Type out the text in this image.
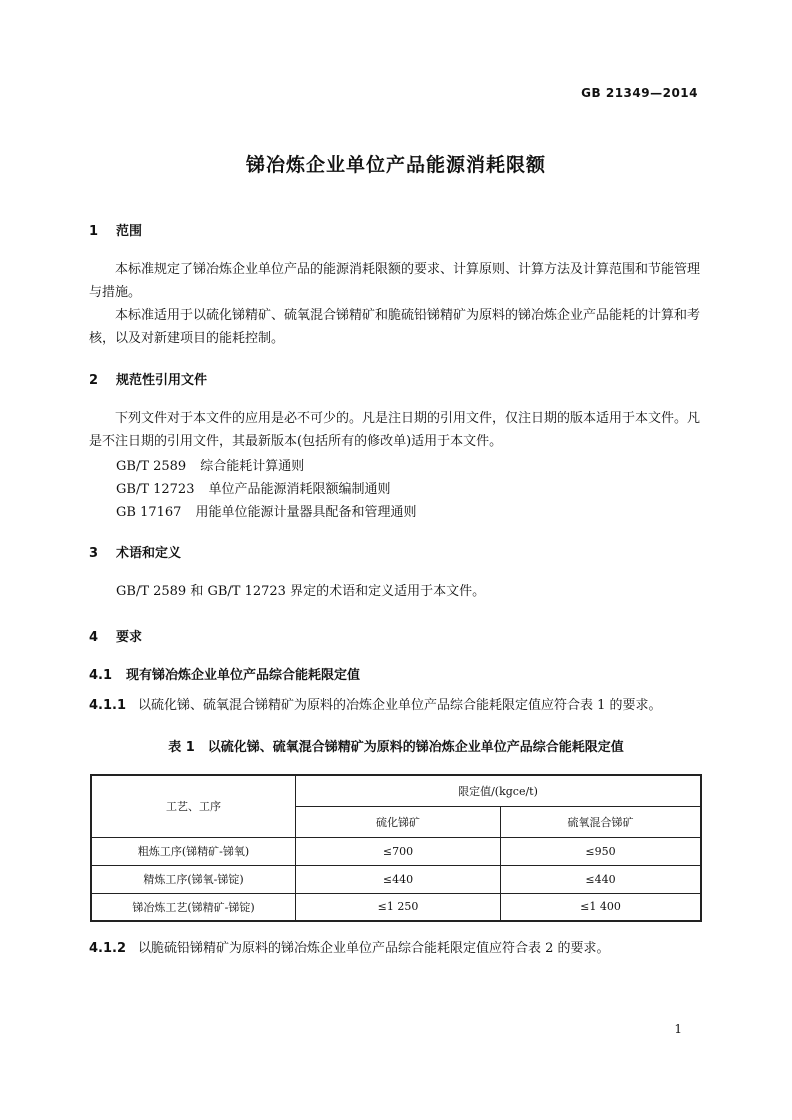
GB 21349—2014
锑冶炼企业单位产品能源消耗限额
1 范围
本标准规定了锑冶炼企业单位产品的能源消耗限额的要求、计算原则、计算方法及计算范围和节能管理与措施。
本标准适用于以硫化锑精矿、硫氧混合锑精矿和脆硫铅锑精矿为原料的锑冶炼企业产品能耗的计算和考核，以及对新建项目的能耗控制。
2 规范性引用文件
下列文件对于本文件的应用是必不可少的。凡是注日期的引用文件，仅注日期的版本适用于本文件。凡是不注日期的引用文件，其最新版本(包括所有的修改单)适用于本文件。
GB/T 2589 综合能耗计算通则
GB/T 12723 单位产品能源消耗限额编制通则
GB 17167 用能单位能源计量器具配备和管理通则
3 术语和定义
GB/T 2589 和 GB/T 12723 界定的术语和定义适用于本文件。
4 要求
4.1 现有锑冶炼企业单位产品综合能耗限定值
4.1.1 以硫化锑、硫氧混合锑精矿为原料的冶炼企业单位产品综合能耗限定值应符合表 1 的要求。
表 1　以硫化锑、硫氧混合锑精矿为原料的锑冶炼企业单位产品综合能耗限定值
工艺、工序	限定值/(kgce/t)	
	硫化锑矿	硫氧混合锑矿
粗炼工序(锑精矿-锑氧)	≤700	≤950
精炼工序(锑氧-锑锭)	≤440	≤440
锑冶炼工艺(锑精矿-锑锭)	≤1 250	≤1 400
4.1.2 以脆硫铅锑精矿为原料的锑冶炼企业单位产品综合能耗限定值应符合表 2 的要求。
1
